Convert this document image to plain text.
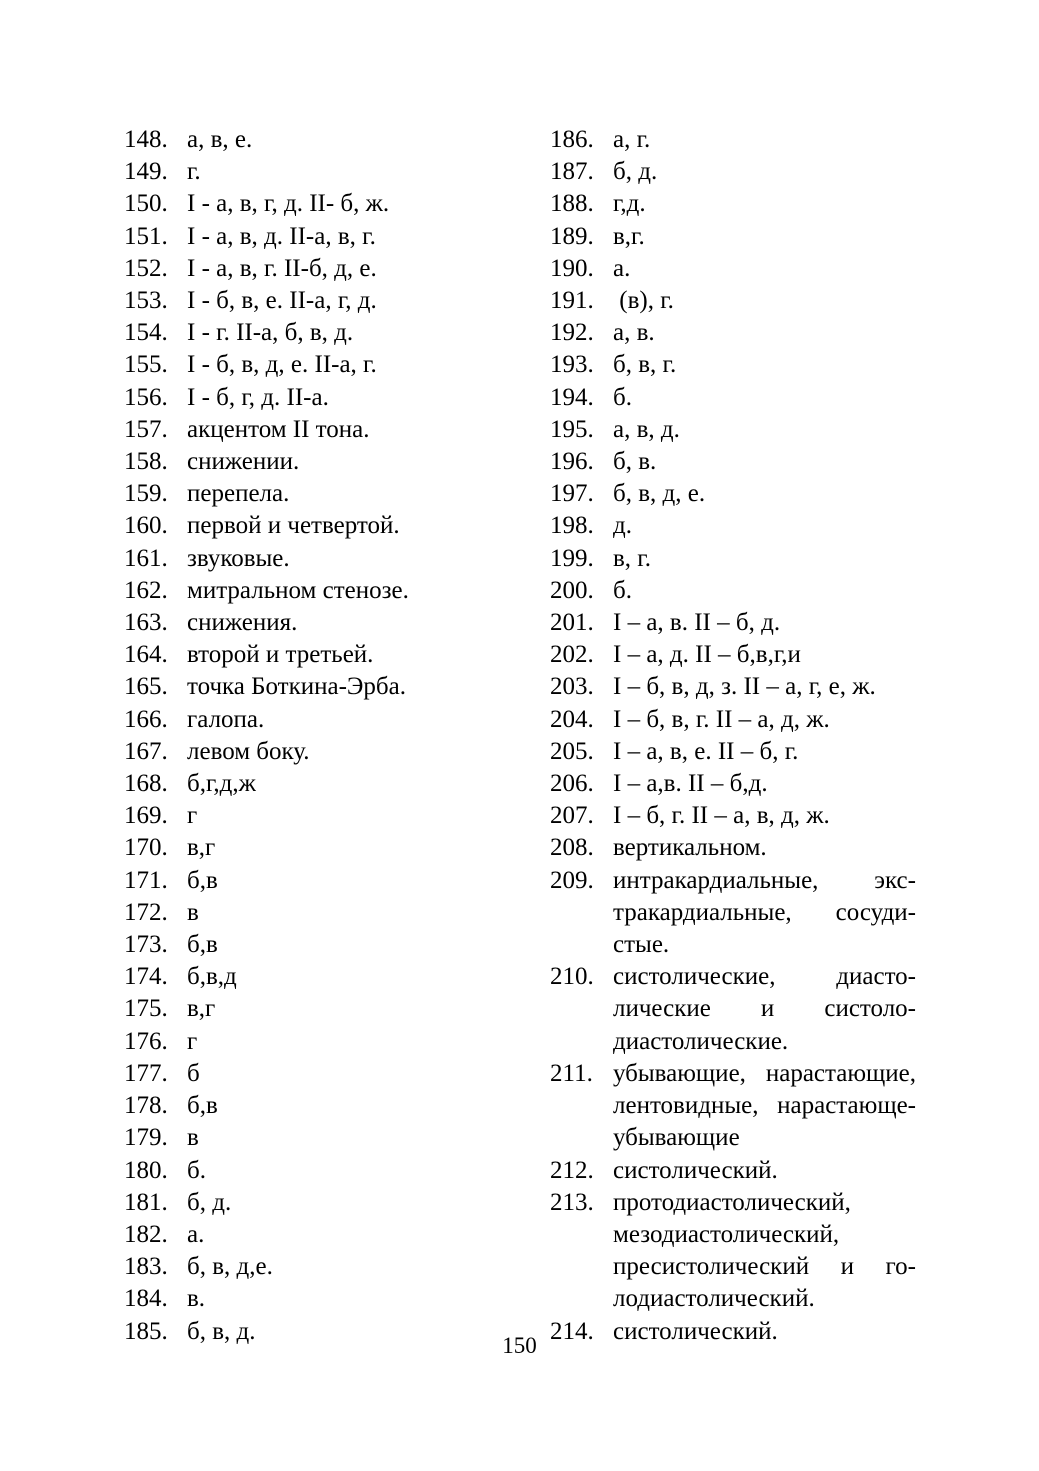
148. а, в, е.
149. г.
150. I - а, в, г, д. II- б, ж.
151. I - а, в, д. II-а, в, г.
152. I - а, в, г. II-б, д, е.
153. I - б, в, е. II-а, г, д.
154. I - г. II-а, б, в, д.
155. I - б, в, д, е. II-а, г.
156. I - б, г, д. II-а.
157. акцентом II тона.
158. снижении.
159. перепела.
160. первой и четвертой.
161. звуковые.
162. митральном стенозе.
163. снижения.
164. второй и третьей.
165. точка Боткина-Эрба.
166. галопа.
167. левом боку.
168. б,г,д,ж
169. г
170. в,г
171. б,в
172. в
173. б,в
174. б,в,д
175. в,г
176. г
177. б
178. б,в
179. в
180. б.
181. б, д.
182. а.
183. б, в, д,е.
184. в.
185. б, в, д.
186. а, г.
187. б, д.
188. г,д.
189. в,г.
190. а.
191. (в), г.
192. а, в.
193. б, в, г.
194. б.
195. а, в, д.
196. б, в.
197. б, в, д, е.
198. д.
199. в, г.
200. б.
201. I – а, в. II – б, д.
202. I – а, д. II – б,в,г,и
203. I – б, в, д, з. II – а, г, е, ж.
204. I – б, в, г. II – а, д, ж.
205. I – а, в, е. II – б, г.
206. I – а,в. II – б,д.
207. I – б, г. II – а, в, д, ж.
208. вертикальном.
209. интракардиальные, экстракардиальные, сосудистые.
210. систолические, диастолические и систолодиастолические.
211. убывающие, нарастающие, лентовидные, нарастающе-убывающие
212. систолический.
213. протодиастолический, мезодиастолический, пресистолический и голодиастолический.
214. систолический.
150
